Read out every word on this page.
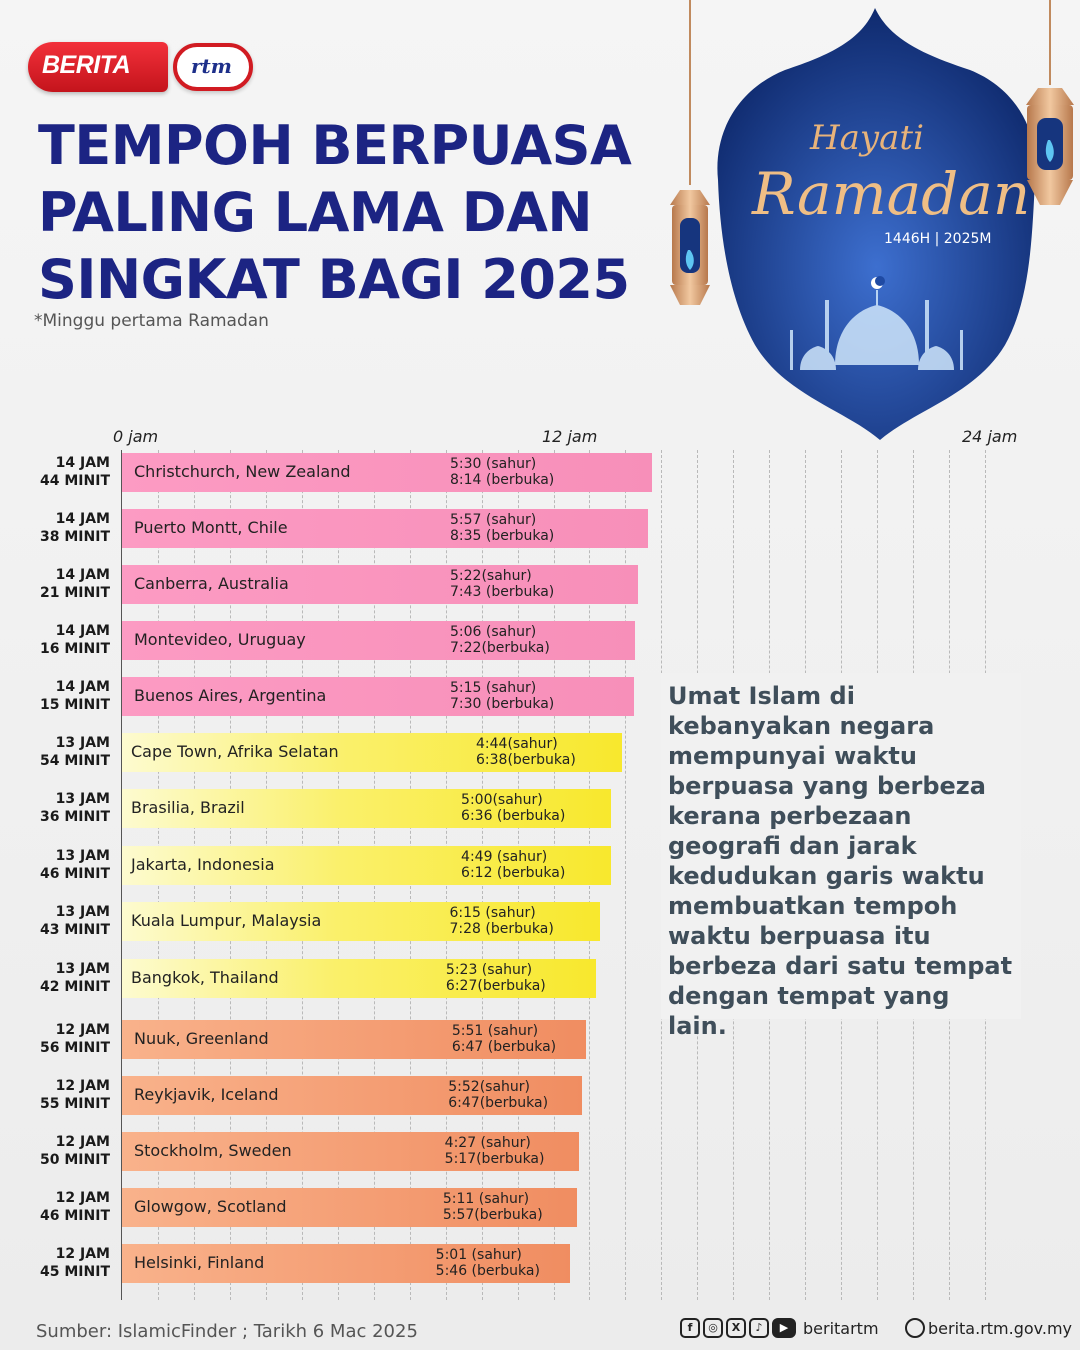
BERITA	rtm
TEMPOH BERPUASA
PALING LAMA DAN
SINGKAT BAGI 2025
*Minggu pertama Ramadan
Hayati
Ramadan
1446H | 2025M
0 jam	12 jam	24 jam
14 JAM
44 MINIT Christchurch, New Zealand	5:30 (sahur)
8:14 (berbuka)
14 JAM
38 MINIT Puerto Montt, Chile	5:57 (sahur)
8:35 (berbuka)
14 JAM
21 MINIT Canberra, Australia	5:22(sahur)
7:43 (berbuka)
14 JAM
16 MINIT Montevideo, Uruguay	5:06 (sahur)
7:22(berbuka)
14 JAM
15 MINIT Buenos Aires, Argentina	5:15 (sahur)
7:30 (berbuka)
13 JAM
54 MINIT Cape Town, Afrika Selatan	4:44(sahur)
6:38(berbuka)
13 JAM
36 MINIT Brasilia, Brazil	5:00(sahur)
6:36 (berbuka)
13 JAM
46 MINIT Jakarta, Indonesia	4:49 (sahur)
6:12 (berbuka)
13 JAM
43 MINIT Kuala Lumpur, Malaysia	6:15 (sahur)
7:28 (berbuka)
13 JAM
42 MINIT Bangkok, Thailand	5:23 (sahur)
6:27(berbuka)
12 JAM
56 MINIT Nuuk, Greenland	5:51 (sahur)
6:47 (berbuka)
12 JAM
55 MINIT Reykjavik, Iceland	5:52(sahur)
6:47(berbuka)
12 JAM
50 MINIT Stockholm, Sweden	4:27 (sahur)
5:17(berbuka)
12 JAM
46 MINIT Glowgow, Scotland	5:11 (sahur)
5:57(berbuka)
12 JAM
45 MINIT Helsinki, Finland	5:01 (sahur)
5:46 (berbuka)
Umat Islam di kebanyakan negara mempunyai waktu berpuasa yang berbeza kerana perbezaan geografi dan jarak kedudukan garis waktu membuatkan tempoh waktu berpuasa itu berbeza dari satu tempat dengan tempat yang lain.
Sumber: IslamicFinder ; Tarikh 6 Mac 2025	f	◎	X	♪	▶ beritartm	berita.rtm.gov.my
